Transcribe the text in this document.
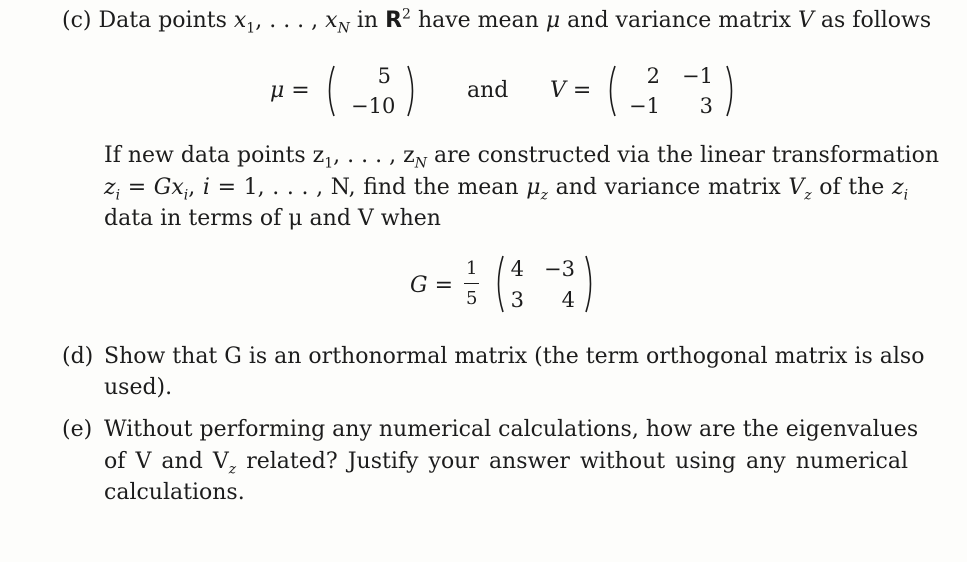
(c) Data points $x_1$, . . . , $x_N$ in $R^2$ have mean μ and variance matrix V as follows
μ =
5
−10
and V =
2	−1
−1	3
If new data points $z_1$, . . . , $z_N$ are constructed via the linear transformation
$z_i = Gx_i$, i = 1, . . . , N, find the mean $\mu_z$ and variance matrix $V_z$ of the $z_i$
data in terms of μ and V when
G =
1
5
4 −3
3	4
(d) Show that G is an orthonormal matrix (the term orthogonal matrix is also
used).
(e) Without performing any numerical calculations, how are the eigenvalues
of V and $V_z$ related? Justify your answer without using any numerical
calculations.
